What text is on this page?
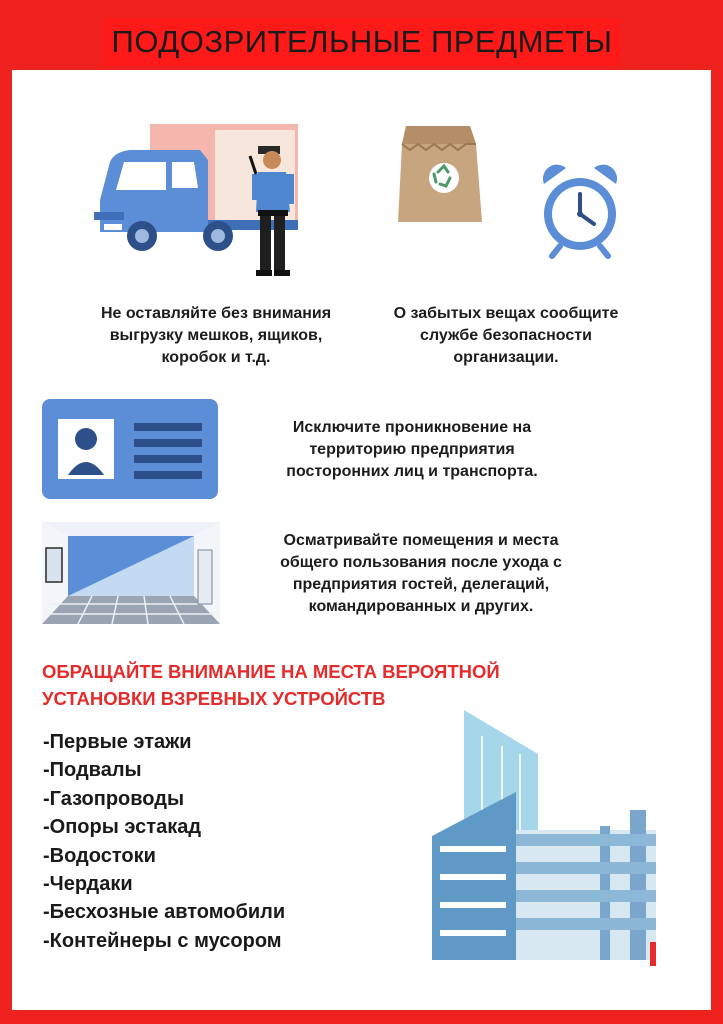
ПОДОЗРИТЕЛЬНЫЕ ПРЕДМЕТЫ
Не оставляйте без внимания
выгрузку мешков, ящиков,
коробок и т.д.
О забытых вещах сообщите
службе безопасности
организации.
Исключите проникновение на
территорию предприятия
посторонних лиц и транспорта.
Осматривайте помещения и места
общего пользования после ухода с
предприятия гостей, делегаций,
командированных и других.
ОБРАЩАЙТЕ ВНИМАНИЕ НА МЕСТА ВЕРОЯТНОЙ
УСТАНОВКИ ВЗРЕВНЫХ УСТРОЙСТВ
-Первые этажи
-Подвалы
-Газопроводы
-Опоры эстакад
-Водостоки
-Чердаки
-Бесхозные автомобили
-Контейнеры с мусором
